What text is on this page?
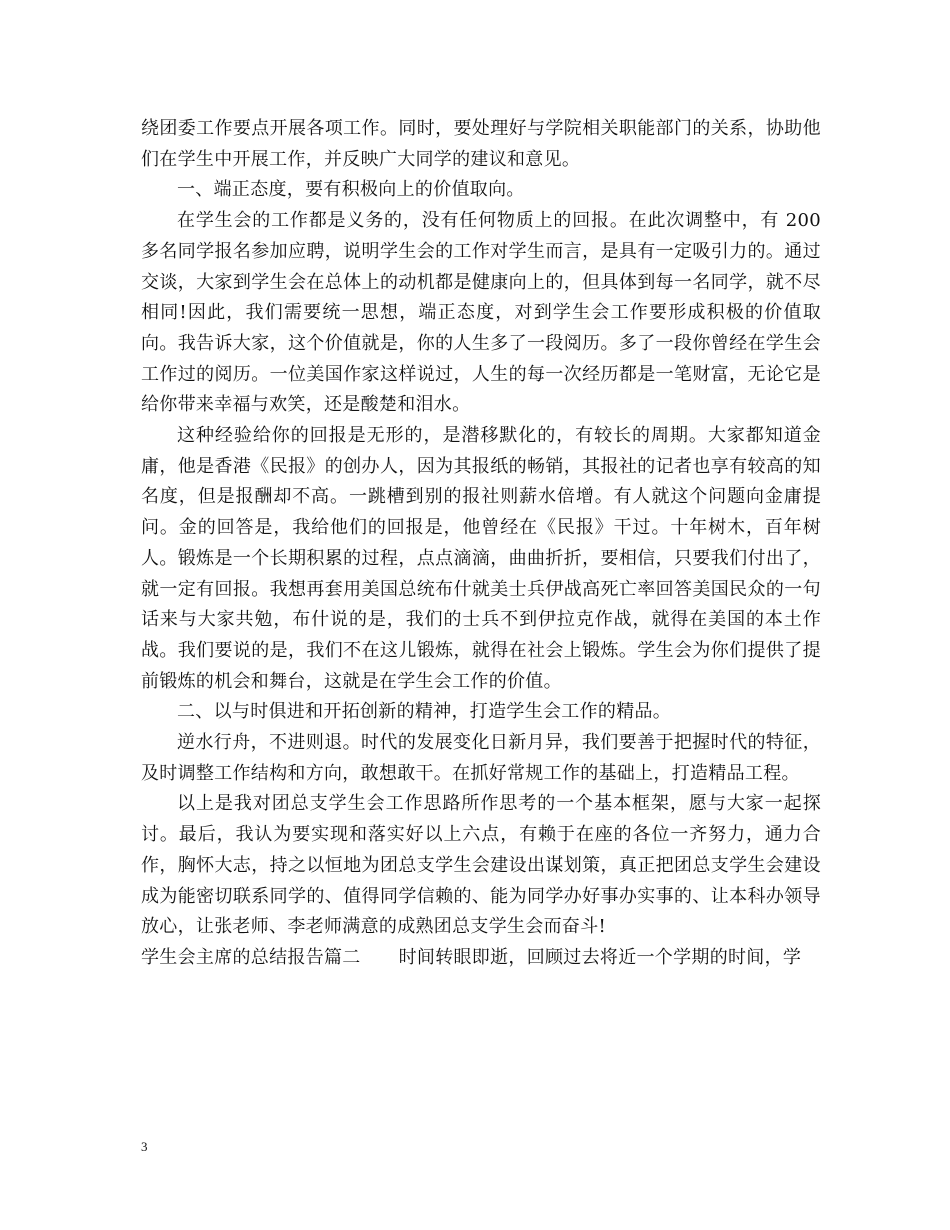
绕团委工作要点开展各项工作。同时，要处理好与学院相关职能部门的关系，协助他们在学生中开展工作，并反映广大同学的建议和意见。

一、端正态度，要有积极向上的价值取向。

在学生会的工作都是义务的，没有任何物质上的回报。在此次调整中，有 200 多名同学报名参加应聘，说明学生会的工作对学生而言，是具有一定吸引力的。通过交谈，大家到学生会在总体上的动机都是健康向上的，但具体到每一名同学，就不尽相同!因此，我们需要统一思想，端正态度，对到学生会工作要形成积极的价值取向。我告诉大家，这个价值就是，你的人生多了一段阅历。多了一段你曾经在学生会工作过的阅历。一位美国作家这样说过，人生的每一次经历都是一笔财富，无论它是给你带来幸福与欢笑，还是酸楚和泪水。

这种经验给你的回报是无形的，是潜移默化的，有较长的周期。大家都知道金庸，他是香港《民报》的创办人，因为其报纸的畅销，其报社的记者也享有较高的知名度，但是报酬却不高。一跳槽到别的报社则薪水倍增。有人就这个问题向金庸提问。金的回答是，我给他们的回报是，他曾经在《民报》干过。十年树木，百年树人。锻炼是一个长期积累的过程，点点滴滴，曲曲折折，要相信，只要我们付出了，就一定有回报。我想再套用美国总统布什就美士兵伊战高死亡率回答美国民众的一句话来与大家共勉，布什说的是，我们的士兵不到伊拉克作战，就得在美国的本土作战。我们要说的是，我们不在这儿锻炼，就得在社会上锻炼。学生会为你们提供了提前锻炼的机会和舞台，这就是在学生会工作的价值。

二、以与时俱进和开拓创新的精神，打造学生会工作的精品。

逆水行舟，不进则退。时代的发展变化日新月异，我们要善于把握时代的特征，及时调整工作结构和方向，敢想敢干。在抓好常规工作的基础上，打造精品工程。

以上是我对团总支学生会工作思路所作思考的一个基本框架，愿与大家一起探讨。最后，我认为要实现和落实好以上六点，有赖于在座的各位一齐努力，通力合作，胸怀大志，持之以恒地为团总支学生会建设出谋划策，真正把团总支学生会建设成为能密切联系同学的、值得同学信赖的、能为同学办好事办实事的、让本科办领导放心，让张老师、李老师满意的成熟团总支学生会而奋斗!

学生会主席的总结报告篇二 时间转眼即逝，回顾过去将近一个学期的时间，学

3
